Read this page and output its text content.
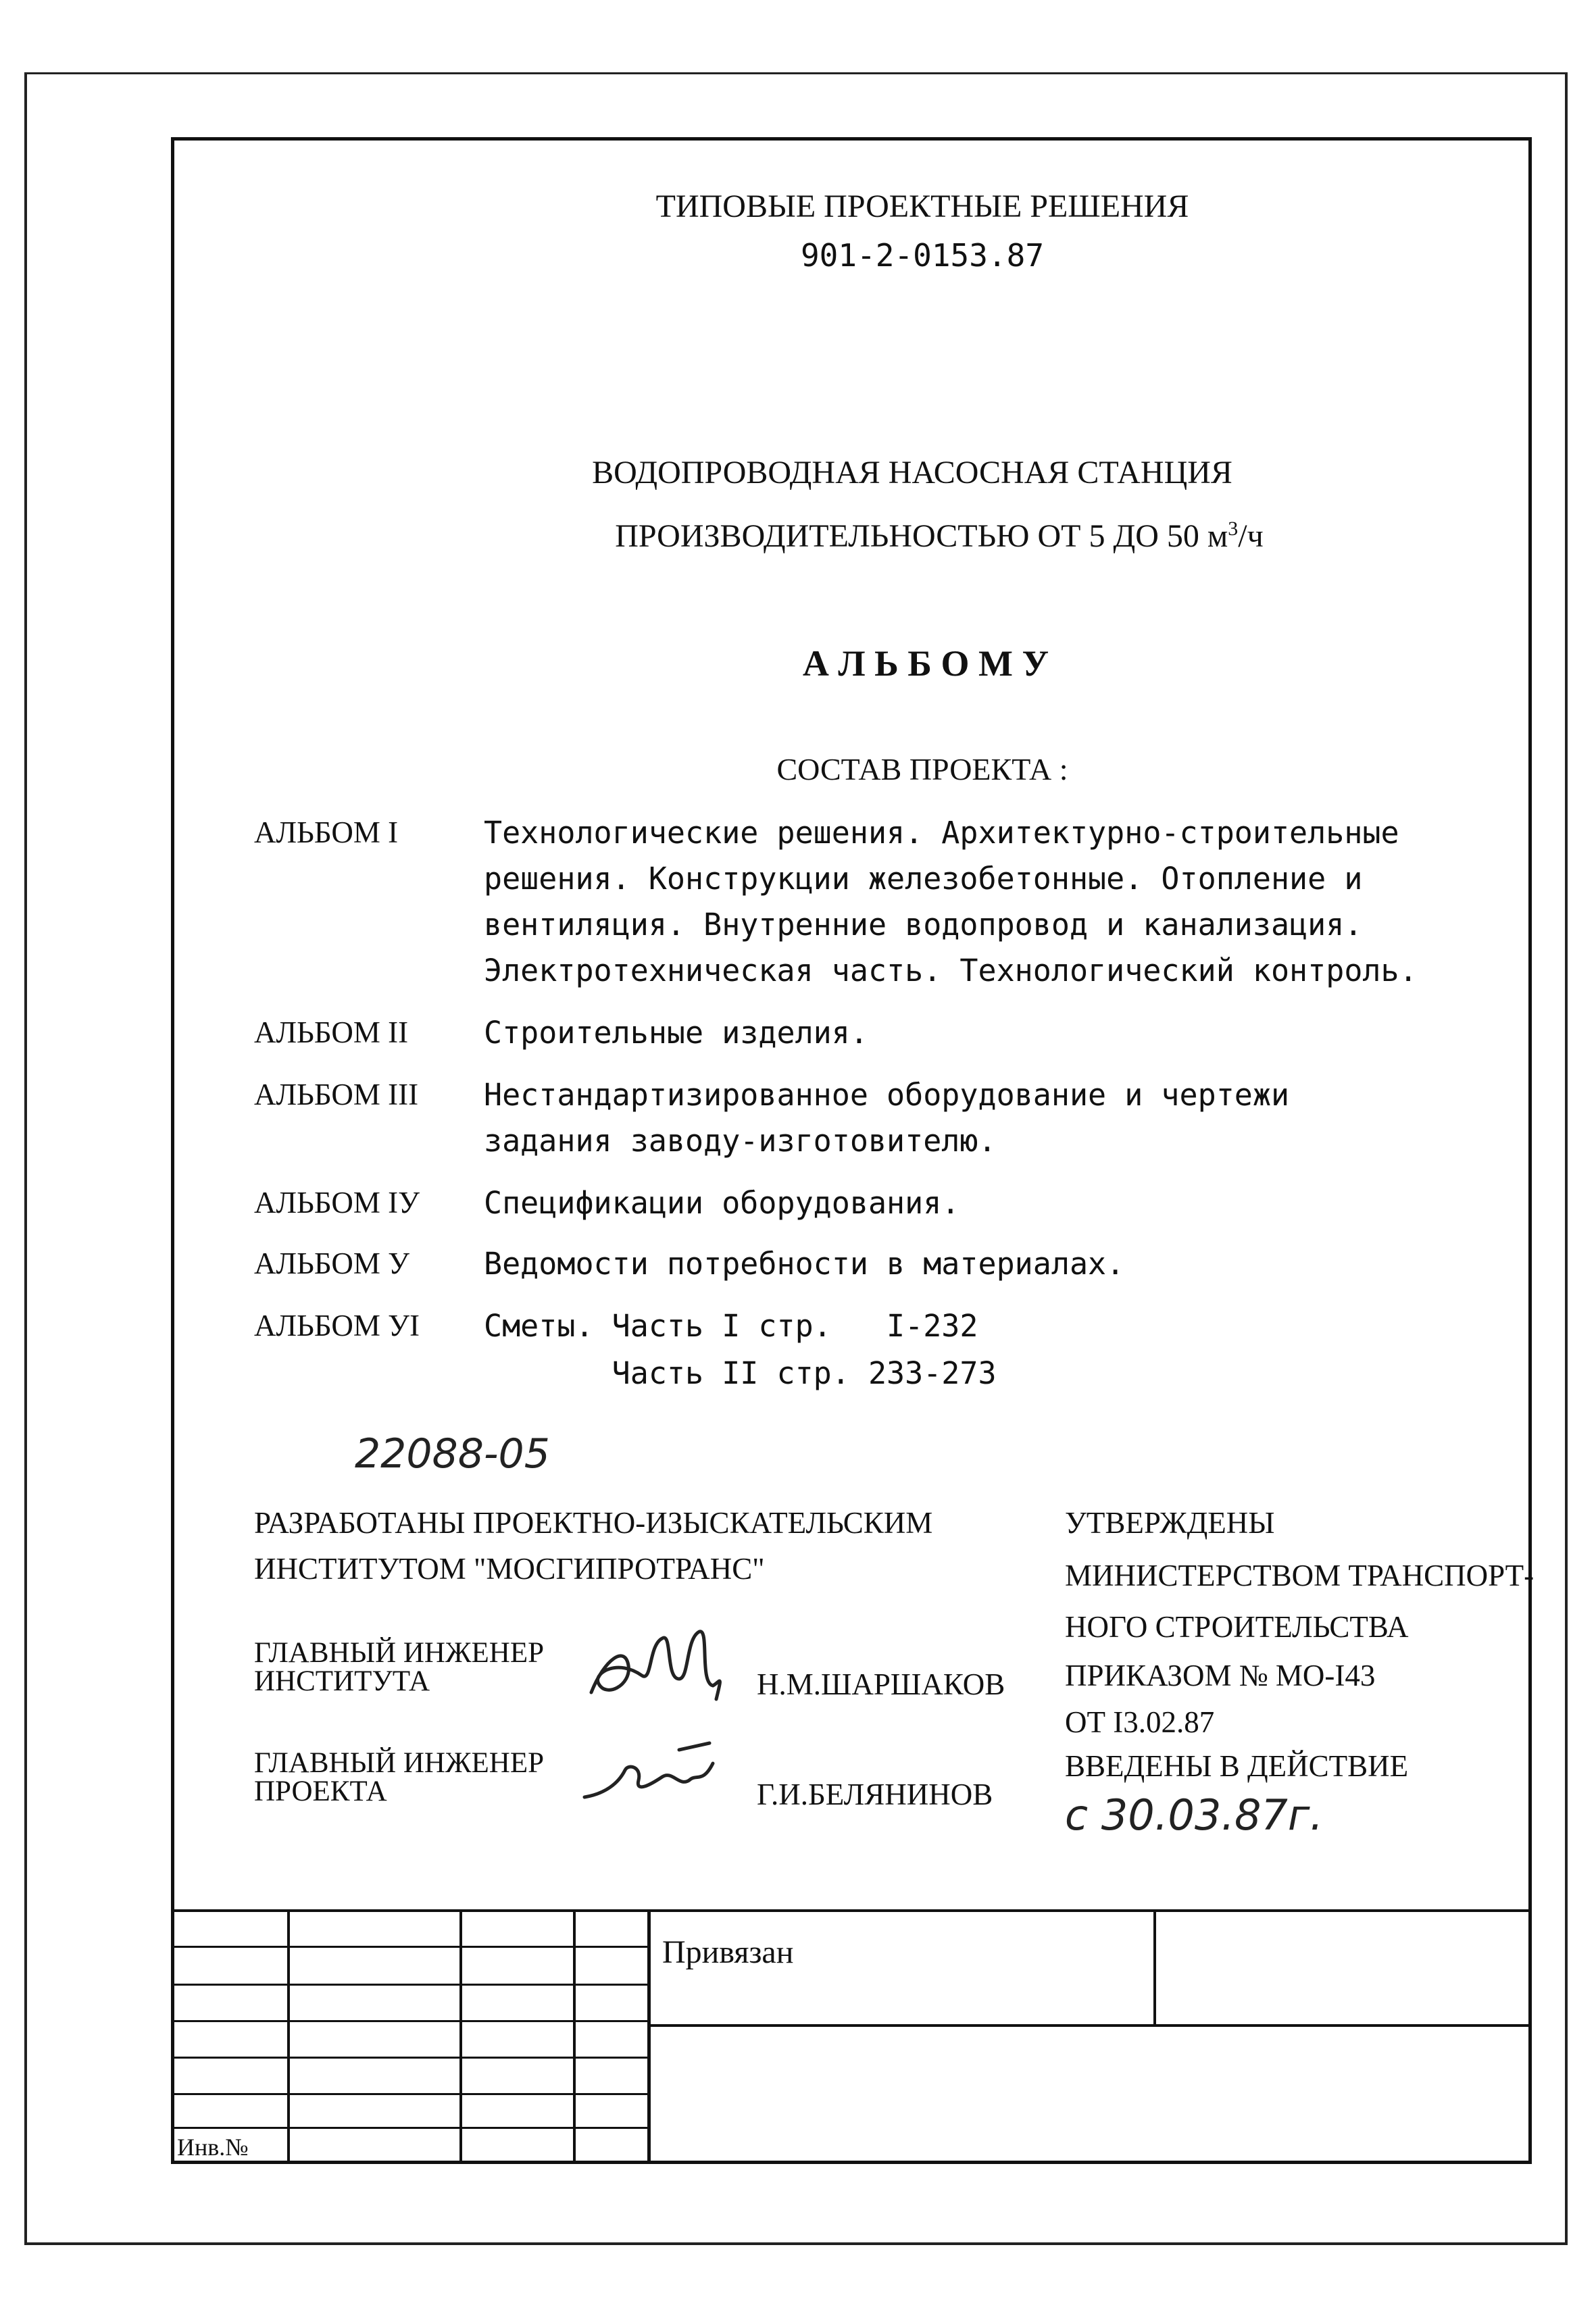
ТИПОВЫЕ ПРОЕКТНЫЕ РЕШЕНИЯ
901-2-0153.87
ВОДОПРОВОДНАЯ НАСОСНАЯ СТАНЦИЯ
ПРОИЗВОДИТЕЛЬНОСТЬЮ ОТ 5 ДО 50 $м^3/ч$
А Л Ь Б О М У
СОСТАВ ПРОЕКТА :
АЛЬБОМ I	Технологические решения. Архитектурно-строительные
решения. Конструкции железобетонные. Отопление и
вентиляция. Внутренние водопровод и канализация.
Электротехническая часть. Технологический контроль.
АЛЬБОМ II Строительные изделия.
АЛЬБОМ III Нестандартизированное оборудование и чертежи
задания заводу-изготовителю.
АЛЬБОМ IУ Спецификации оборудования.
АЛЬБОМ У Ведомости потребности в материалах.
АЛЬБОМ УI Сметы. Часть I стр.   I-232
Часть II стр. 233-273
22088-05
РАЗРАБОТАНЫ ПРОЕКТНО-ИЗЫСКАТЕЛЬСКИМ
ИНСТИТУТОМ "МОСГИПРОТРАНС"
ГЛАВНЫЙ ИНЖЕНЕР
ИНСТИТУТА	Н.М.ШАРШАКОВ
ГЛАВНЫЙ ИНЖЕНЕР
ПРОЕКТА	Г.И.БЕЛЯНИНОВ
УТВЕРЖДЕНЫ
МИНИСТЕРСТВОМ ТРАНСПОРТ-
НОГО СТРОИТЕЛЬСТВА
ПРИКАЗОМ № МО-I43
ОТ I3.02.87
ВВЕДЕНЫ В ДЕЙСТВИЕ
с 30.03.87г.
Привязан
Инв.№
